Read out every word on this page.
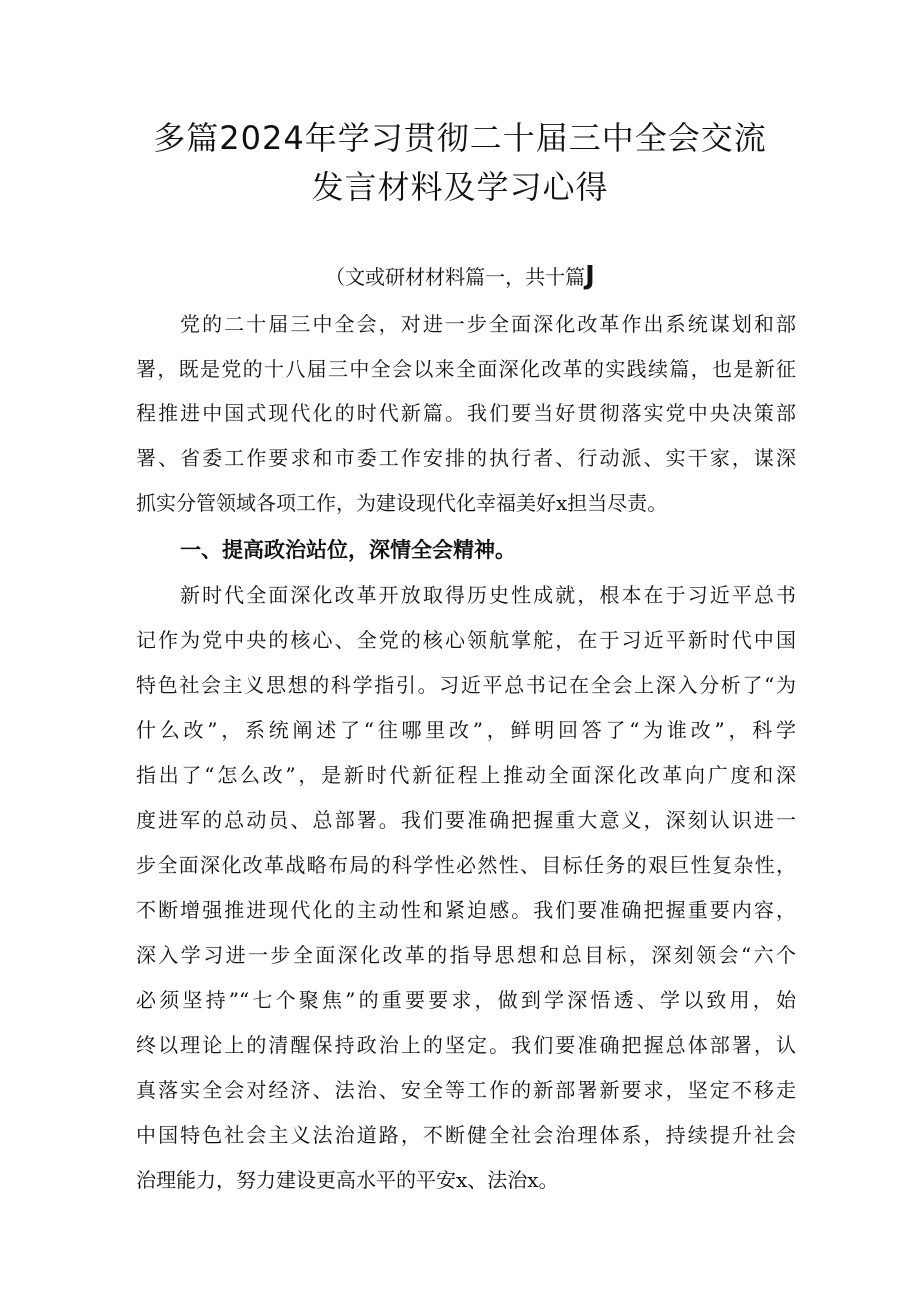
多篇2024年学习贯彻二十届三中全会交流
发言材料及学习心得
（文或研材材料篇一，共十篇J
党的二十届三中全会，对进一步全面深化改革作出系统谋划和部
署，既是党的十八届三中全会以来全面深化改革的实践续篇，也是新征
程推进中国式现代化的时代新篇。我们要当好贯彻落实党中央决策部
署、省委工作要求和市委工作安排的执行者、行动派、实干家，谋深
抓实分管领域各项工作，为建设现代化幸福美好x担当尽责。
一、提高政治站位，深情全会精神。
新时代全面深化改革开放取得历史性成就，根本在于习近平总书
记作为党中央的核心、全党的核心领航掌舵，在于习近平新时代中国
特色社会主义思想的科学指引。习近平总书记在全会上深入分析了“为
什么改”，系统阐述了“往哪里改”，鲜明回答了“为谁改”，科学
指出了“怎么改”，是新时代新征程上推动全面深化改革向广度和深
度进军的总动员、总部署。我们要准确把握重大意义，深刻认识进一
步全面深化改革战略布局的科学性必然性、目标任务的艰巨性复杂性，
不断增强推进现代化的主动性和紧迫感。我们要准确把握重要内容，
深入学习进一步全面深化改革的指导思想和总目标，深刻领会“六个
必须坚持”“七个聚焦”的重要要求，做到学深悟透、学以致用，始
终以理论上的清醒保持政治上的坚定。我们要准确把握总体部署，认
真落实全会对经济、法治、安全等工作的新部署新要求，坚定不移走
中国特色社会主义法治道路，不断健全社会治理体系，持续提升社会
治理能力，努力建设更高水平的平安x、法治x。
